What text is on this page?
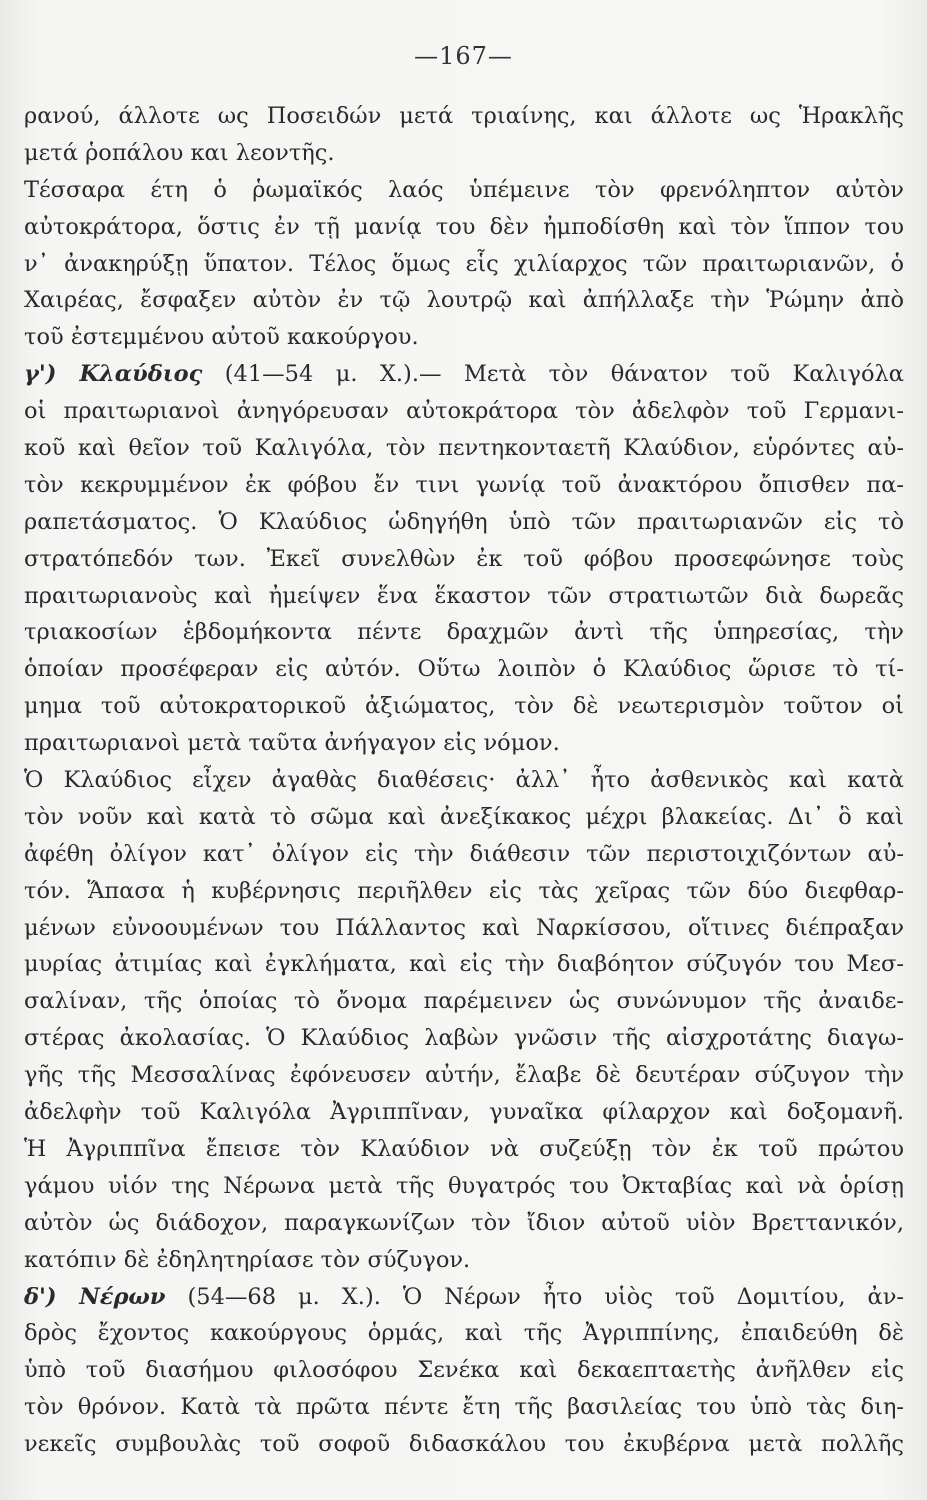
—167—
ρανού, άλλοτε ως Ποσειδών μετά τριαίνης, και άλλοτε ως Ἡρακλῆς
μετά ῥοπάλου και λεοντῆς.
Τέσσαρα έτη ὁ ῥωμαϊκός λαός ὑπέμεινε τὸν φρενόληπτον αὐτὸν
αὐτοκράτορα, ὅστις ἐν τῇ μανίᾳ του δὲν ἠμποδίσθη καὶ τὸν ἵππον του
ν᾽ ἀνακηρύξῃ ὕπατον. Τέλος ὅμως εἷς χιλίαρχος τῶν πραιτωριανῶν, ὁ
Χαιρέας, ἔσφαξεν αὐτὸν ἐν τῷ λουτρῷ καὶ ἀπήλλαξε τὴν Ῥώμην ἀπὸ
τοῦ ἐστεμμένου αὐτοῦ κακούργου.
γ') Κλαύδιος (41—54 μ. Χ.).— Μετὰ τὸν θάνατον τοῦ Καλιγόλα
οἱ πραιτωριανοὶ ἀνηγόρευσαν αὐτοκράτορα τὸν ἀδελφὸν τοῦ Γερμανι-
κοῦ καὶ θεῖον τοῦ Καλιγόλα, τὸν πεντηκονταετῆ Κλαύδιον, εὑρόντες αὐ-
τὸν κεκρυμμένον ἐκ φόβου ἔν τινι γωνίᾳ τοῦ ἀνακτόρου ὄπισθεν πα-
ραπετάσματος. Ὁ Κλαύδιος ὡδηγήθη ὑπὸ τῶν πραιτωριανῶν εἰς τὸ
στρατόπεδόν των. Ἐκεῖ συνελθὼν ἐκ τοῦ φόβου προσεφώνησε τοὺς
πραιτωριανοὺς καὶ ἠμείψεν ἕνα ἕκαστον τῶν στρατιωτῶν διὰ δωρεᾶς
τριακοσίων ἑβδομήκοντα πέντε δραχμῶν ἀντὶ τῆς ὑπηρεσίας, τὴν
ὁποίαν προσέφεραν εἰς αὐτόν. Οὕτω λοιπὸν ὁ Κλαύδιος ὥρισε τὸ τί-
μημα τοῦ αὐτοκρατορικοῦ ἀξιώματος, τὸν δὲ νεωτερισμὸν τοῦτον οἱ
πραιτωριανοὶ μετὰ ταῦτα ἀνήγαγον εἰς νόμον.
Ὁ Κλαύδιος εἶχεν ἀγαθὰς διαθέσεις· ἀλλ᾽ ἦτο ἀσθενικὸς καὶ κατὰ
τὸν νοῦν καὶ κατὰ τὸ σῶμα καὶ ἀνεξίκακος μέχρι βλακείας. Δι᾽ ὃ καὶ
ἀφέθη ὀλίγον κατ᾽ ὀλίγον εἰς τὴν διάθεσιν τῶν περιστοιχιζόντων αὐ-
τόν. Ἅπασα ἡ κυβέρνησις περιῆλθεν εἰς τὰς χεῖρας τῶν δύο διεφθαρ-
μένων εὐνοουμένων του Πάλλαντος καὶ Ναρκίσσου, οἵτινες διέπραξαν
μυρίας ἀτιμίας καὶ ἐγκλήματα, καὶ εἰς τὴν διαβόητον σύζυγόν του Μεσ-
σαλίναν, τῆς ὁποίας τὸ ὄνομα παρέμεινεν ὡς συνώνυμον τῆς ἀναιδε-
στέρας ἀκολασίας. Ὁ Κλαύδιος λαβὼν γνῶσιν τῆς αἰσχροτάτης διαγω-
γῆς τῆς Μεσσαλίνας ἐφόνευσεν αὐτήν, ἔλαβε δὲ δευτέραν σύζυγον τὴν
ἀδελφὴν τοῦ Καλιγόλα Ἀγριππῖναν, γυναῖκα φίλαρχον καὶ δοξομανῆ.
Ἡ Ἀγριππῖνα ἔπεισε τὸν Κλαύδιον νὰ συζεύξῃ τὸν ἐκ τοῦ πρώτου
γάμου υἱόν της Νέρωνα μετὰ τῆς θυγατρός του Ὀκταβίας καὶ νὰ ὁρίσῃ
αὐτὸν ὡς διάδοχον, παραγκωνίζων τὸν ἴδιον αὐτοῦ υἱὸν Βρεττανικόν,
κατόπιν δὲ ἐδηλητηρίασε τὸν σύζυγον.
δ') Νέρων (54—68 μ. Χ.). Ὁ Νέρων ἦτο υἱὸς τοῦ Δομιτίου, ἀν-
δρὸς ἔχοντος κακούργους ὁρμάς, καὶ τῆς Ἀγριππίνης, ἐπαιδεύθη δὲ
ὑπὸ τοῦ διασήμου φιλοσόφου Σενέκα καὶ δεκαεπταετὴς ἀνῆλθεν εἰς
τὸν θρόνον. Κατὰ τὰ πρῶτα πέντε ἔτη τῆς βασιλείας του ὑπὸ τὰς διη-
νεκεῖς συμβουλὰς τοῦ σοφοῦ διδασκάλου του ἐκυβέρνα μετὰ πολλῆς
